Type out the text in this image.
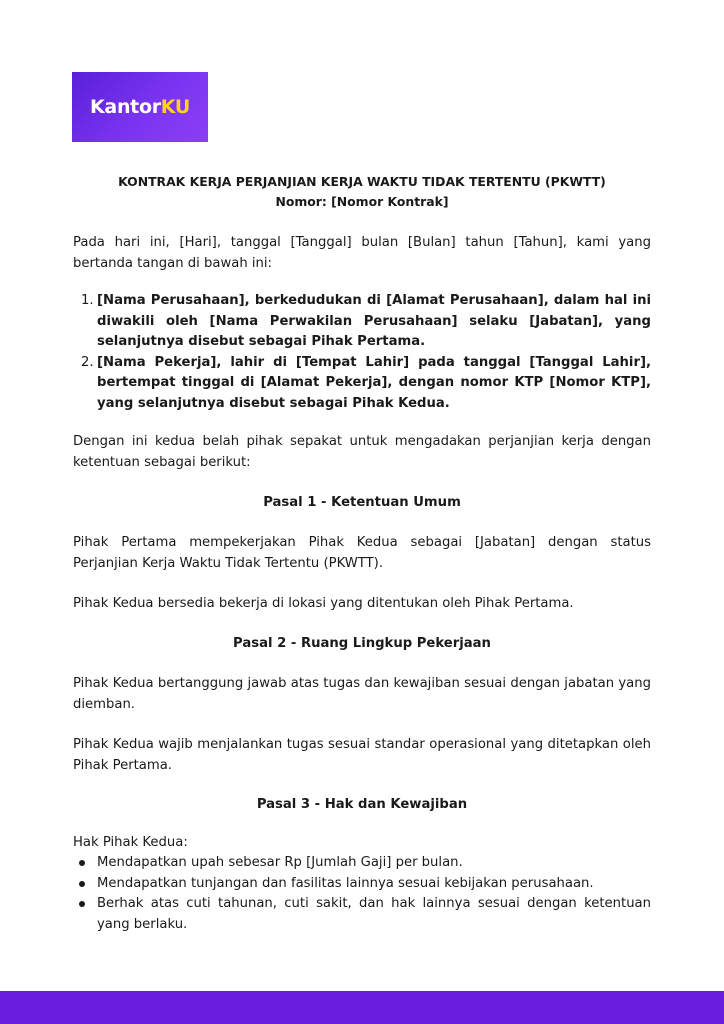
KantorKU
KONTRAK KERJA PERJANJIAN KERJA WAKTU TIDAK TERTENTU (PKWTT)
Nomor: [Nomor Kontrak]

Pada hari ini, [Hari], tanggal [Tanggal] bulan [Bulan] tahun [Tahun], kami yang bertanda tangan di bawah ini:

1. [Nama Perusahaan], berkedudukan di [Alamat Perusahaan], dalam hal ini diwakili oleh [Nama Perwakilan Perusahaan] selaku [Jabatan], yang selanjutnya disebut sebagai Pihak Pertama.
2. [Nama Pekerja], lahir di [Tempat Lahir] pada tanggal [Tanggal Lahir], bertempat tinggal di [Alamat Pekerja], dengan nomor KTP [Nomor KTP], yang selanjutnya disebut sebagai Pihak Kedua.

Dengan ini kedua belah pihak sepakat untuk mengadakan perjanjian kerja dengan ketentuan sebagai berikut:

Pasal 1 - Ketentuan Umum

Pihak Pertama mempekerjakan Pihak Kedua sebagai [Jabatan] dengan status Perjanjian Kerja Waktu Tidak Tertentu (PKWTT).

Pihak Kedua bersedia bekerja di lokasi yang ditentukan oleh Pihak Pertama.

Pasal 2 - Ruang Lingkup Pekerjaan

Pihak Kedua bertanggung jawab atas tugas dan kewajiban sesuai dengan jabatan yang diemban.

Pihak Kedua wajib menjalankan tugas sesuai standar operasional yang ditetapkan oleh Pihak Pertama.

Pasal 3 - Hak dan Kewajiban

Hak Pihak Kedua:

Mendapatkan upah sebesar Rp [Jumlah Gaji] per bulan.
Mendapatkan tunjangan dan fasilitas lainnya sesuai kebijakan perusahaan.
Berhak atas cuti tahunan, cuti sakit, dan hak lainnya sesuai dengan ketentuan yang berlaku.
